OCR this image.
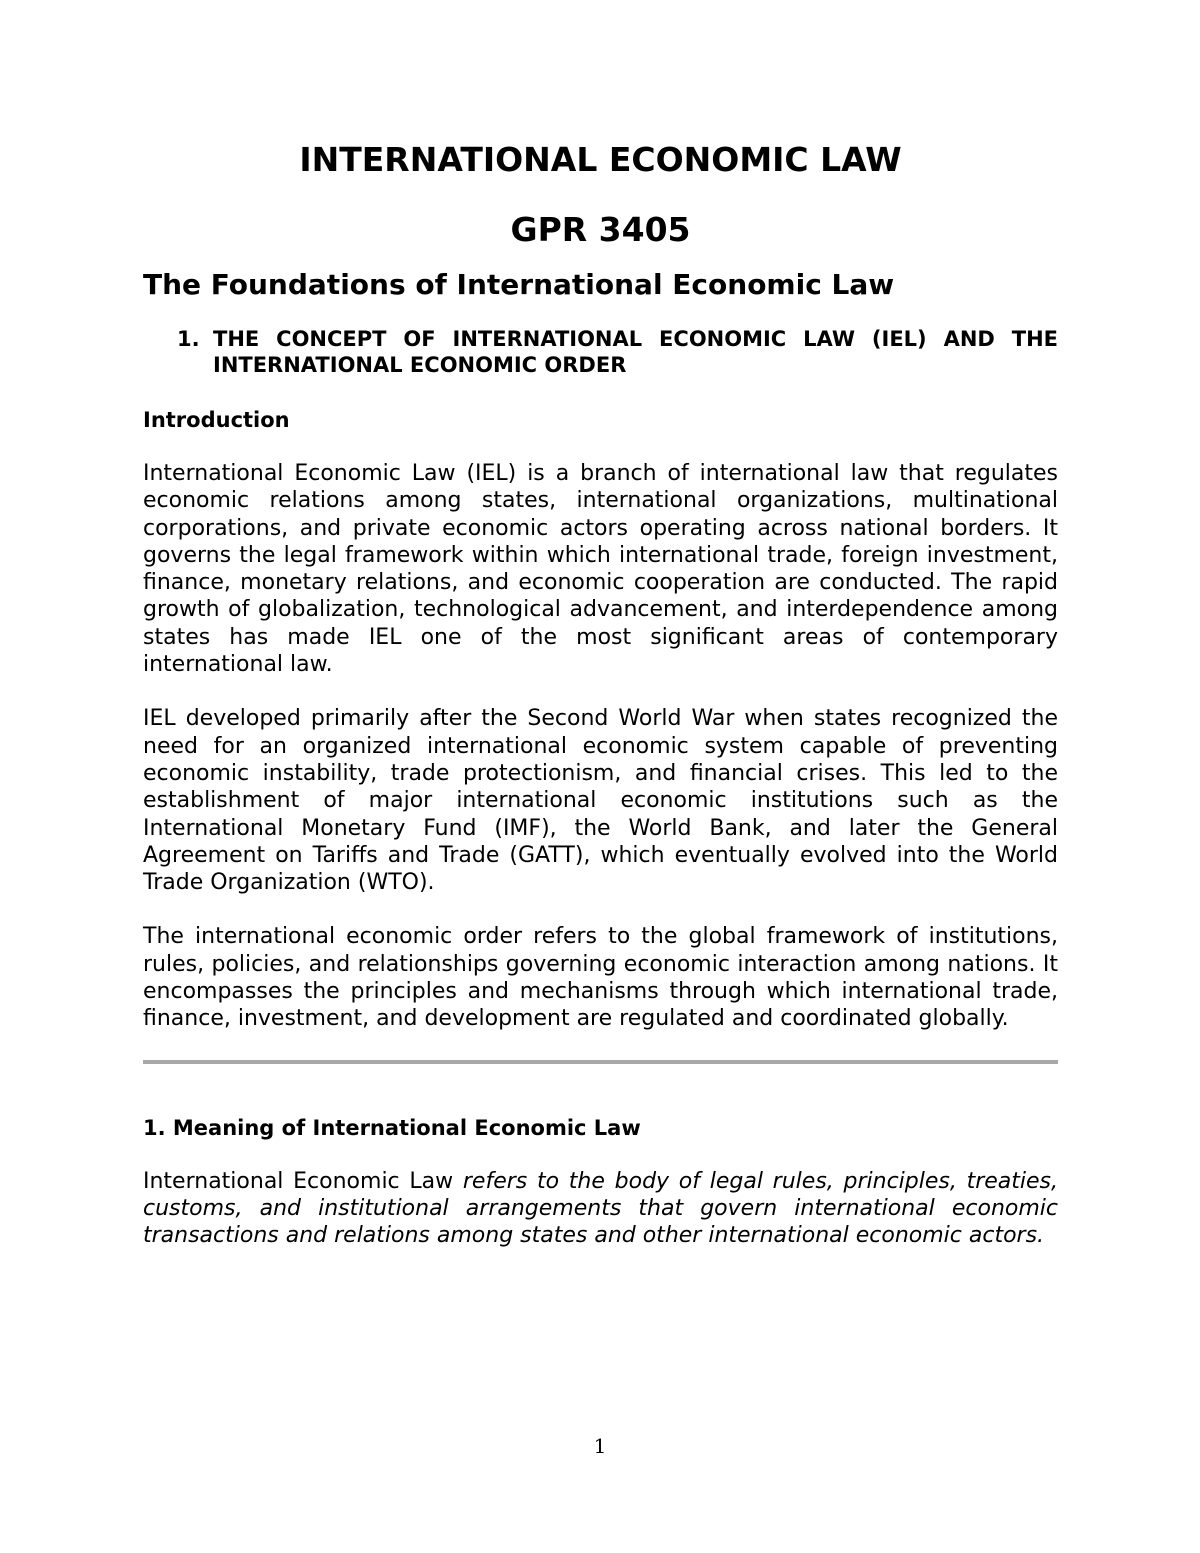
INTERNATIONAL ECONOMIC LAW
GPR 3405
The Foundations of International Economic Law
1. THE CONCEPT OF INTERNATIONAL ECONOMIC LAW (IEL) AND THE INTERNATIONAL ECONOMIC ORDER
Introduction

International Economic Law (IEL) is a branch of international law that regulates economic relations among states, international organizations, multinational corporations, and private economic actors operating across national borders. It governs the legal framework within which international trade, foreign investment, finance, monetary relations, and economic cooperation are conducted. The rapid growth of globalization, technological advancement, and interdependence among states has made IEL one of the most significant areas of contemporary international law.

IEL developed primarily after the Second World War when states recognized the need for an organized international economic system capable of preventing economic instability, trade protectionism, and financial crises. This led to the establishment of major international economic institutions such as the International Monetary Fund (IMF), the World Bank, and later the General Agreement on Tariffs and Trade (GATT), which eventually evolved into the World Trade Organization (WTO).

The international economic order refers to the global framework of institutions, rules, policies, and relationships governing economic interaction among nations. It encompasses the principles and mechanisms through which international trade, finance, investment, and development are regulated and coordinated globally.

1. Meaning of International Economic Law

International Economic Law refers to the body of legal rules, principles, treaties, customs, and institutional arrangements that govern international economic transactions and relations among states and other international economic actors.

1
